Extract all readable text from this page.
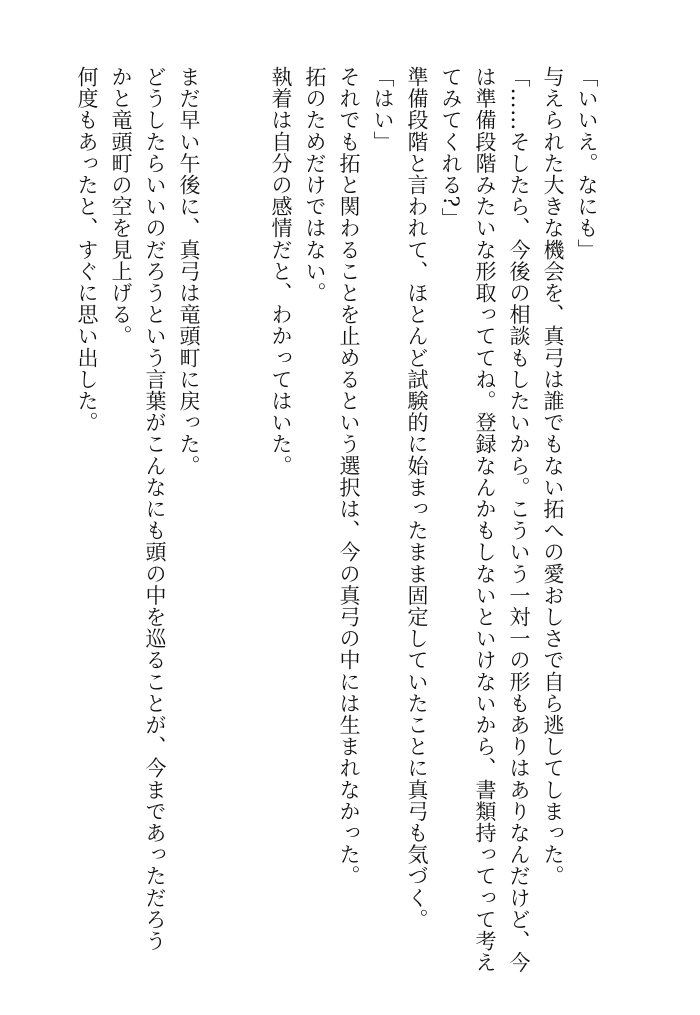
「いいえ。なにも」

与えられた大きな機会を、真弓は誰でもない拓への愛おしさで自ら逃してしまった。

「……そしたら、今後の相談もしたいから。こういう一対一の形もありはありなんだけど、今

は準備段階みたいな形取っててね。登録なんかもしないといけないから、書類持ってって考え

てみてくれる?」

準備段階と言われて、ほとんど試験的に始まったまま固定していたことに真弓も気づく。

「はい」

それでも拓と関わることを止めるという選択は、今の真弓の中には生まれなかった。

拓のためだけではない。

執着は自分の感情だと、わかってはいた。

まだ早い午後に、真弓は竜頭町に戻った。

どうしたらいいのだろうという言葉がこんなにも頭の中を巡ることが、今まであっただろう

かと竜頭町の空を見上げる。

何度もあったと、すぐに思い出した。
